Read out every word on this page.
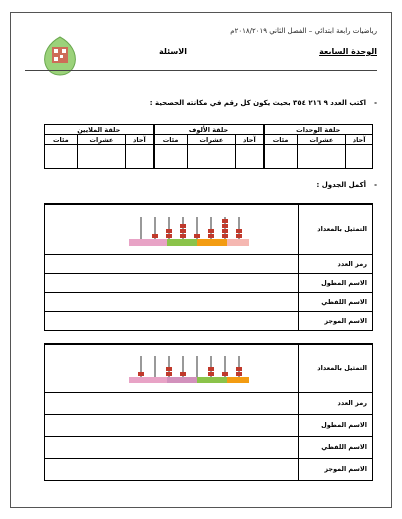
رياضيات رابعة ابتدائي – الفصل الثاني ٢٠١٨/٢٠١٩م
الوحدة السابعة
الاسئلة
-اكتب العدد ٩ ٢١٦ ٣٥٤ بحيث يكون كل رقم في مكانته الحصحية :
حلقة الوحدات			حلقة الألوف			حلقة الملايين		
آحاد	عشرات	مئات	آحاد	عشرات	مئات	آحاد	عشرات	مئات

-أكمل الجدول :
	التمثيل بالمعداد
	رمز العدد
	الاسم المطول
	الاسم اللفظي
	الاسم الموجز
	التمثيل بالمعداد
	رمز العدد
	الاسم المطول
	الاسم اللفظي
	الاسم الموجز
